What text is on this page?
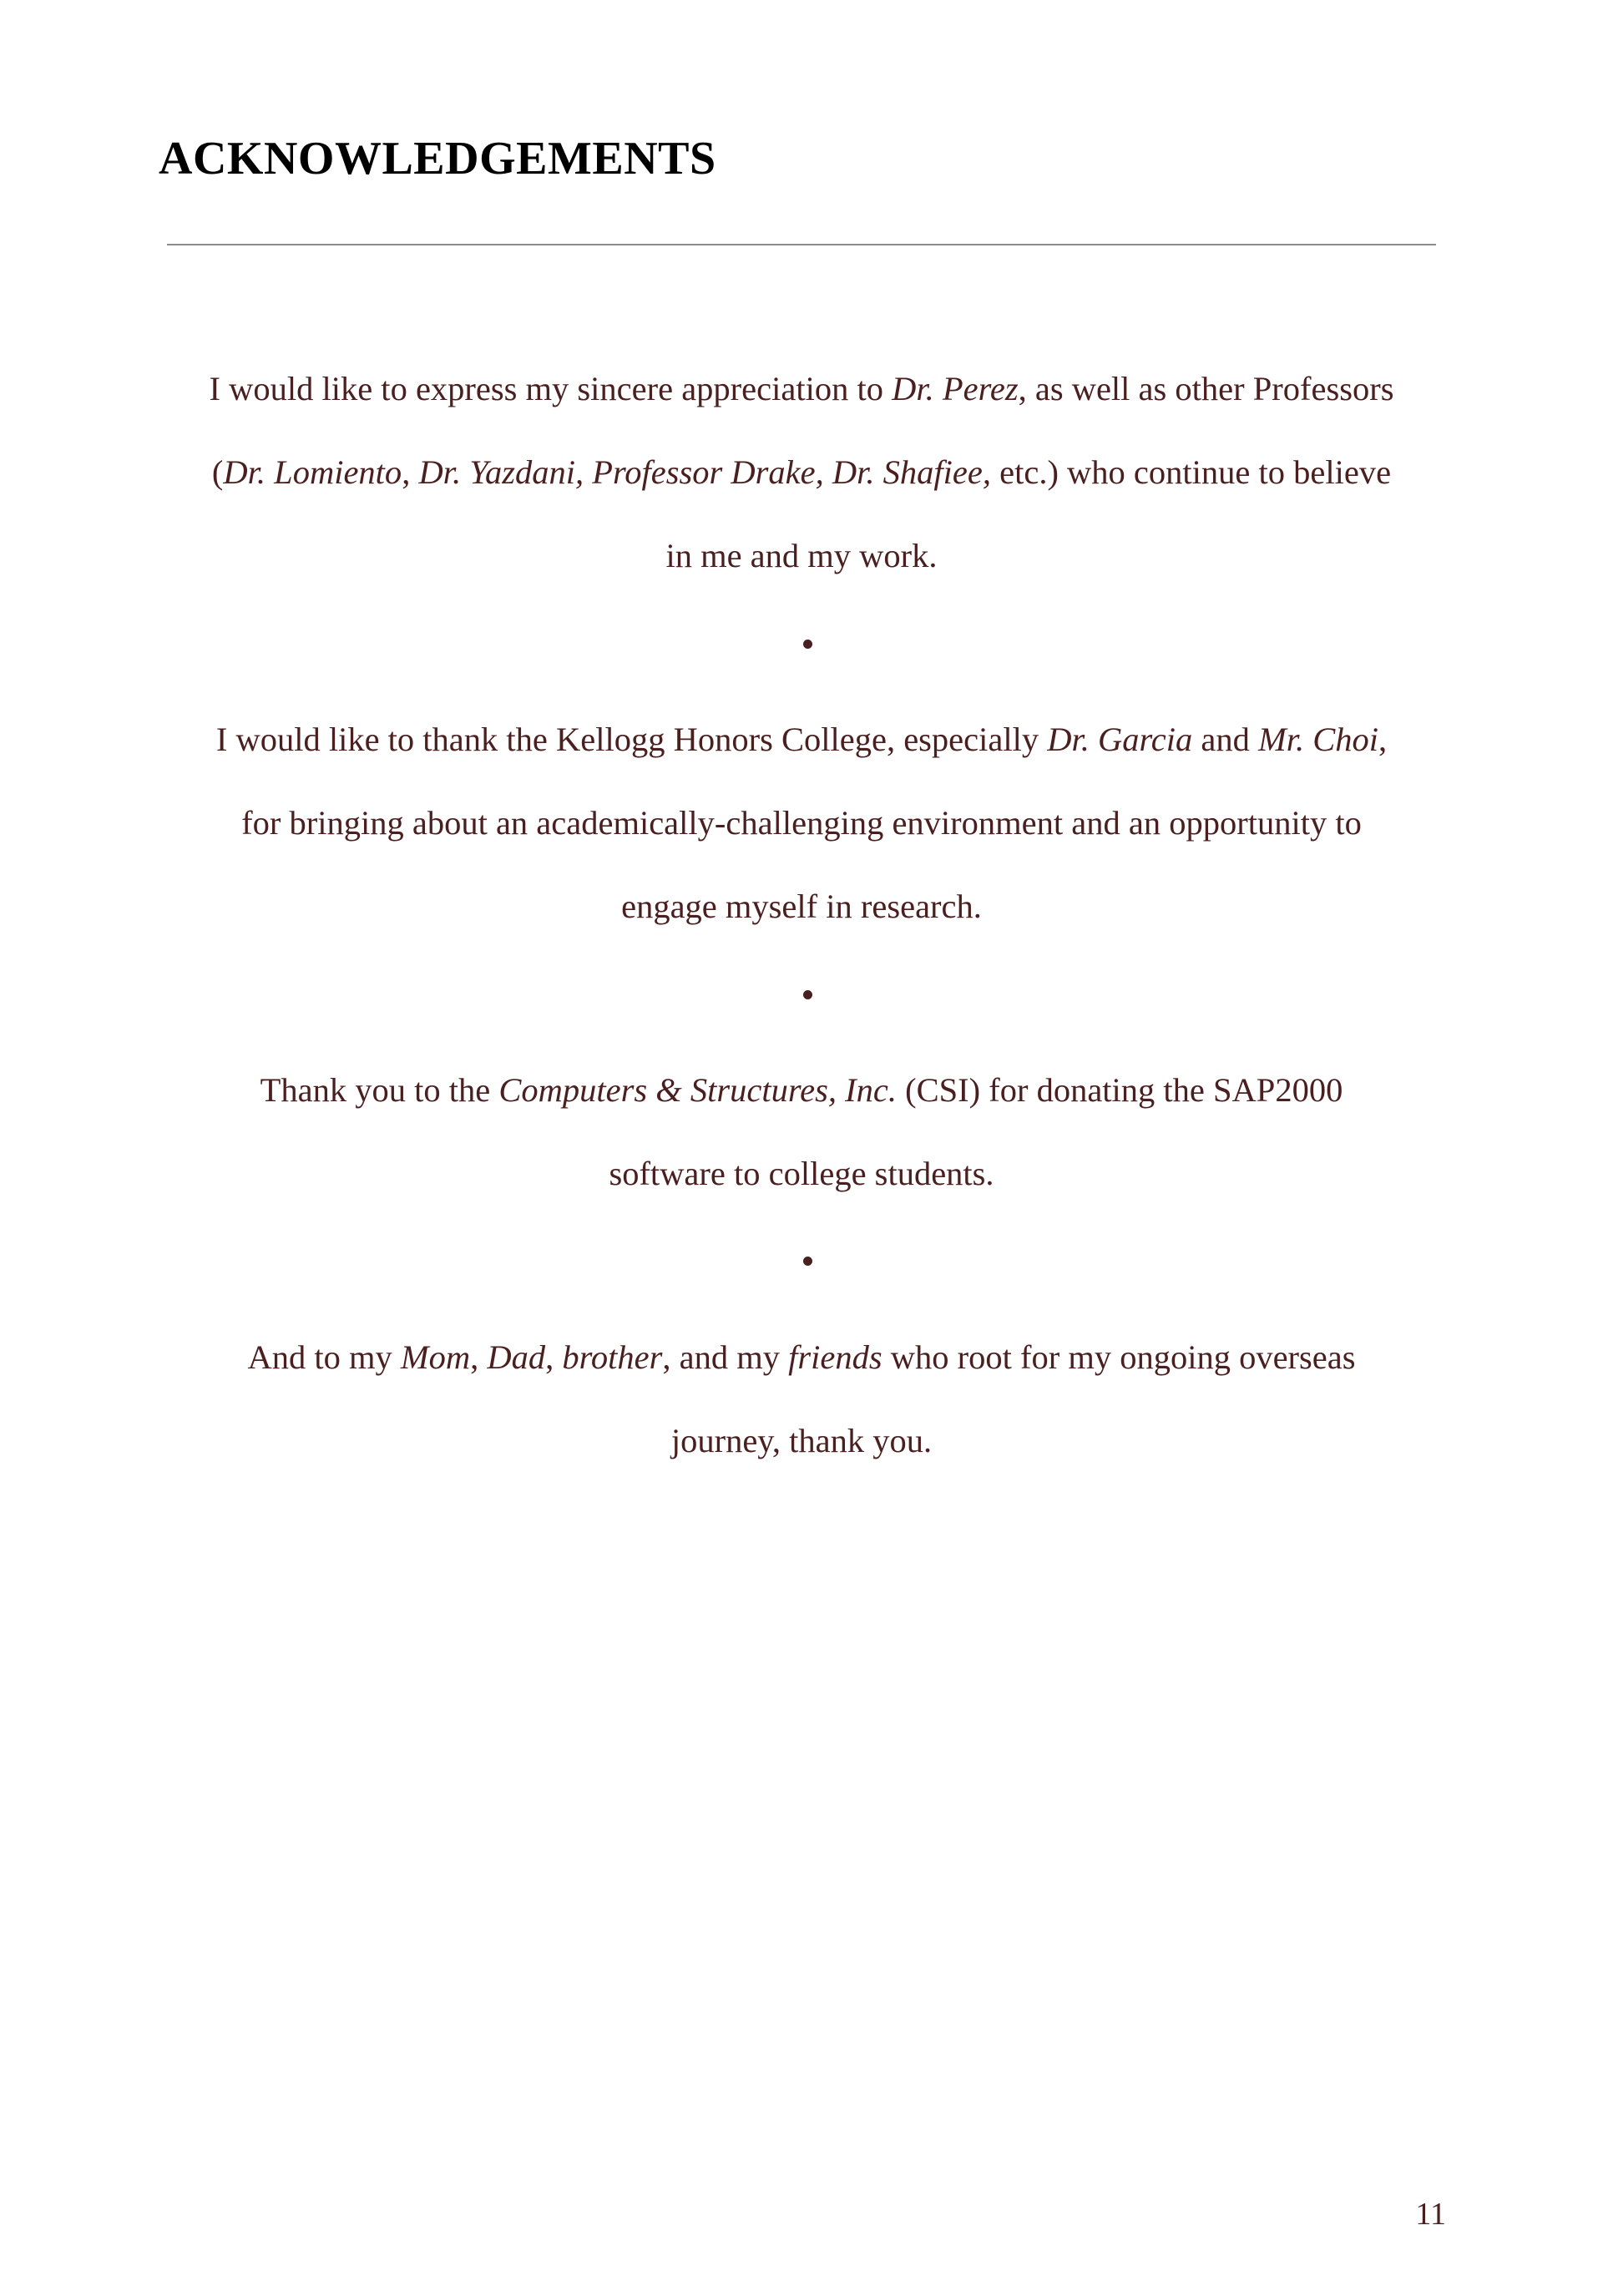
ACKNOWLEDGEMENTS
I would like to express my sincere appreciation to Dr. Perez, as well as other Professors
(Dr. Lomiento, Dr. Yazdani, Professor Drake, Dr. Shafiee, etc.) who continue to believe
in me and my work.
I would like to thank the Kellogg Honors College, especially Dr. Garcia and Mr. Choi,
for bringing about an academically-challenging environment and an opportunity to
engage myself in research.
Thank you to the Computers & Structures, Inc. (CSI) for donating the SAP2000
software to college students.
And to my Mom, Dad, brother, and my friends who root for my ongoing overseas
journey, thank you.
11
